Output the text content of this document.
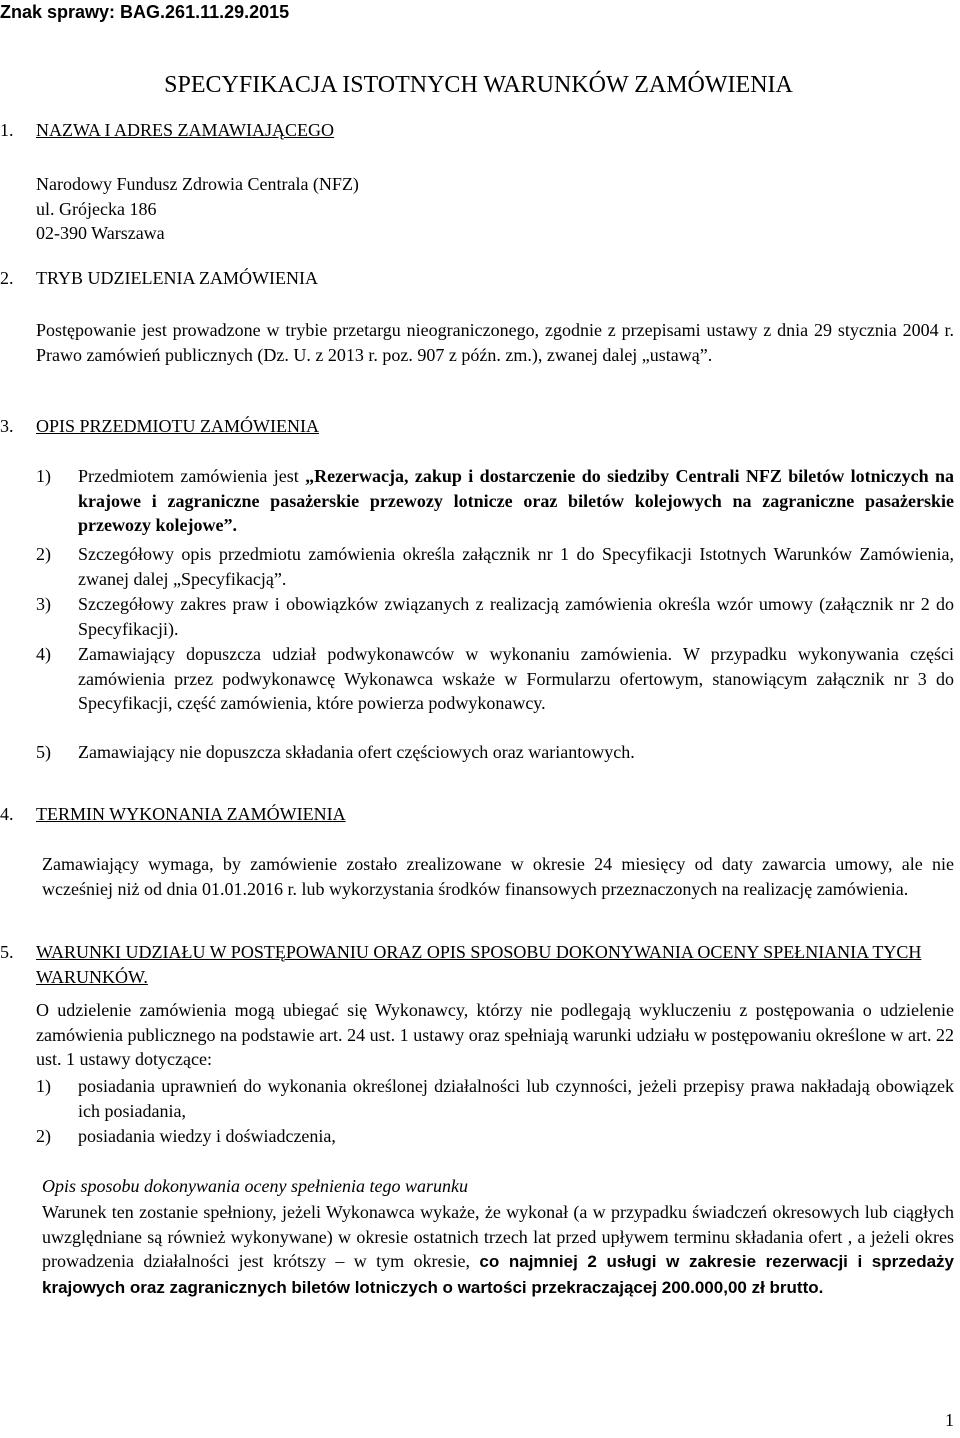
Znak sprawy: BAG.261.11.29.2015
SPECYFIKACJA ISTOTNYCH WARUNKÓW ZAMÓWIENIA
1. NAZWA I ADRES ZAMAWIAJĄCEGO
Narodowy Fundusz Zdrowia Centrala (NFZ)
ul. Grójecka 186
02-390 Warszawa
2. TRYB UDZIELENIA ZAMÓWIENIA
Postępowanie jest prowadzone w trybie przetargu nieograniczonego, zgodnie z przepisami ustawy z dnia 29 stycznia 2004 r. Prawo zamówień publicznych (Dz. U. z 2013 r. poz. 907 z późn. zm.), zwanej dalej „ustawą”.
3. OPIS PRZEDMIOTU ZAMÓWIENIA
1) Przedmiotem zamówienia jest „Rezerwacja, zakup i dostarczenie do siedziby Centrali NFZ biletów lotniczych na krajowe i zagraniczne pasażerskie przewozy lotnicze oraz biletów kolejowych na zagraniczne pasażerskie przewozy kolejowe”.
2) Szczegółowy opis przedmiotu zamówienia określa załącznik nr 1 do Specyfikacji Istotnych Warunków Zamówienia, zwanej dalej „Specyfikacją”.
3) Szczegółowy zakres praw i obowiązków związanych z realizacją zamówienia określa wzór umowy (załącznik nr 2 do Specyfikacji).
4) Zamawiający dopuszcza udział podwykonawców w wykonaniu zamówienia. W przypadku wykonywania części zamówienia przez podwykonawcę Wykonawca wskaże w Formularzu ofertowym, stanowiącym załącznik nr 3 do Specyfikacji, część zamówienia, które powierza podwykonawcy.
5) Zamawiający nie dopuszcza składania ofert częściowych oraz wariantowych.
4. TERMIN WYKONANIA ZAMÓWIENIA
Zamawiający wymaga, by zamówienie zostało zrealizowane w okresie 24 miesięcy od daty zawarcia umowy, ale nie wcześniej niż od dnia 01.01.2016 r. lub wykorzystania środków finansowych przeznaczonych na realizację zamówienia.
5.	WARUNKI UDZIAŁU W POSTĘPOWANIU ORAZ OPIS SPOSOBU DOKONYWANIA OCENY SPEŁNIANIA TYCH WARUNKÓW.
O udzielenie zamówienia mogą ubiegać się Wykonawcy, którzy nie podlegają wykluczeniu z postępowania o udzielenie zamówienia publicznego na podstawie art. 24 ust. 1 ustawy oraz spełniają warunki udziału w postępowaniu określone w art. 22 ust. 1 ustawy dotyczące:
1) posiadania uprawnień do wykonania określonej działalności lub czynności, jeżeli przepisy prawa nakładają obowiązek ich posiadania,
2) posiadania wiedzy i doświadczenia,
Opis sposobu dokonywania oceny spełnienia tego warunku
Warunek ten zostanie spełniony, jeżeli Wykonawca wykaże, że wykonał (a w przypadku świadczeń okresowych lub ciągłych uwzględniane są również wykonywane) w okresie ostatnich trzech lat przed upływem terminu składania ofert , a jeżeli okres prowadzenia działalności jest krótszy – w tym okresie, co najmniej 2 usługi w zakresie rezerwacji i sprzedaży krajowych oraz zagranicznych biletów lotniczych o wartości przekraczającej 200.000,00 zł brutto.
1
